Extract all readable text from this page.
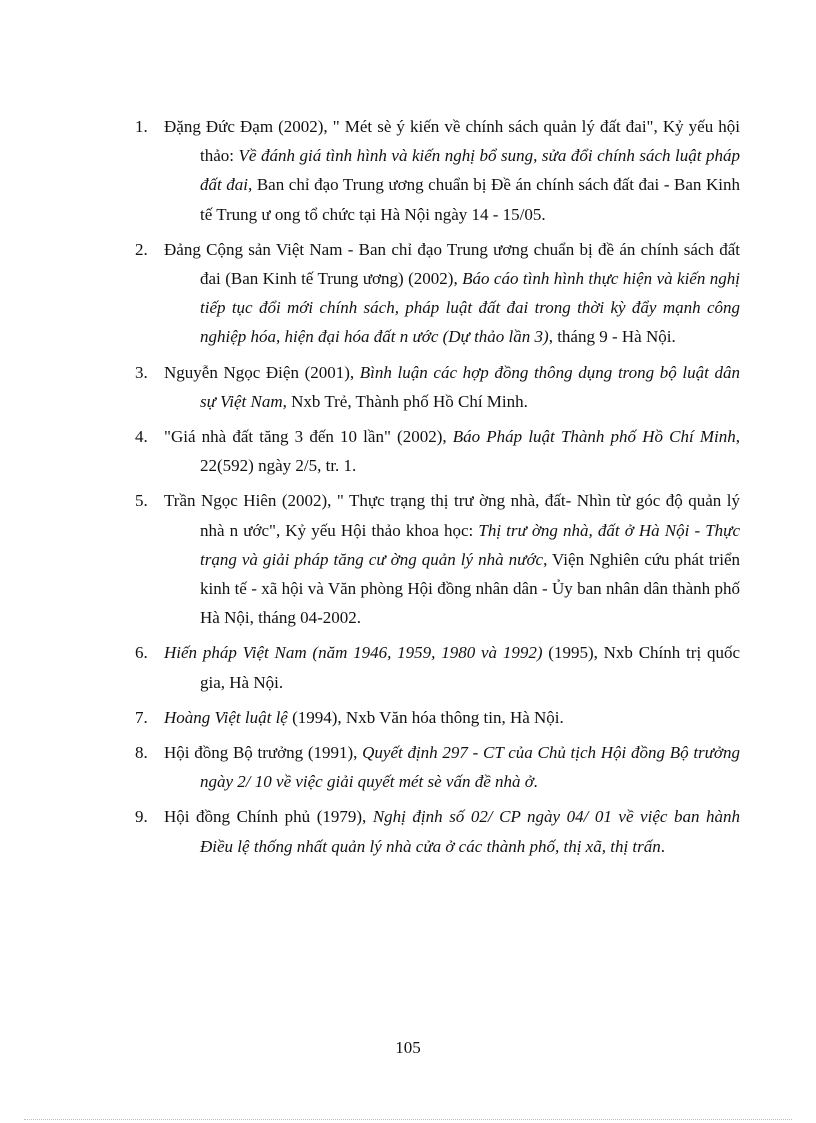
1. Đặng Đức Đạm (2002), " Mét sè ý kiến về chính sách quản lý đất đai", Kỷ yếu hội thảo: Về đánh giá tình hình và kiến nghị bổ sung, sửa đổi chính sách luật pháp đất đai, Ban chỉ đạo Trung ương chuẩn bị Đề án chính sách đất đai - Ban Kinh tế Trung ư ong tổ chức tại Hà Nội ngày 14 - 15/05.
2. Đảng Cộng sản Việt Nam - Ban chỉ đạo Trung ương chuẩn bị đề án chính sách đất đai (Ban Kinh tế Trung ương) (2002), Báo cáo tình hình thực hiện và kiến nghị tiếp tục đổi mới chính sách, pháp luật đất đai trong thời kỳ đẩy mạnh công nghiệp hóa, hiện đại hóa đất n ước (Dự thảo lần 3), tháng 9 - Hà Nội.
3. Nguyễn Ngọc Điện (2001), Bình luận các hợp đồng thông dụng trong bộ luật dân sự Việt Nam, Nxb Trẻ, Thành phố Hồ Chí Minh.
4. "Giá nhà đất tăng 3 đến 10 lần" (2002), Báo Pháp luật Thành phố Hồ Chí Minh, 22(592) ngày 2/5, tr. 1.
5. Trần Ngọc Hiên (2002), " Thực trạng thị trư ờng nhà, đất- Nhìn từ góc độ quản lý nhà n ước", Kỷ yếu Hội thảo khoa học: Thị trư ờng nhà, đất ở Hà Nội - Thực trạng và giải pháp tăng cư ờng quản lý nhà nước, Viện Nghiên cứu phát triển kinh tế - xã hội và Văn phòng Hội đồng nhân dân - Ủy ban nhân dân thành phố Hà Nội, tháng 04-2002.
6. Hiến pháp Việt Nam (năm 1946, 1959, 1980 và 1992) (1995), Nxb Chính trị quốc gia, Hà Nội.
7. Hoàng Việt luật lệ (1994), Nxb Văn hóa thông tin, Hà Nội.
8. Hội đồng Bộ trưởng (1991), Quyết định 297 - CT của Chủ tịch Hội đồng Bộ trưởng ngày 2/ 10 về việc giải quyết mét sè vấn đề nhà ở.
9. Hội đồng Chính phủ (1979), Nghị định số 02/ CP ngày 04/ 01 về việc ban hành Điều lệ thống nhất quản lý nhà cửa ở các thành phố, thị xã, thị trấn.
105
